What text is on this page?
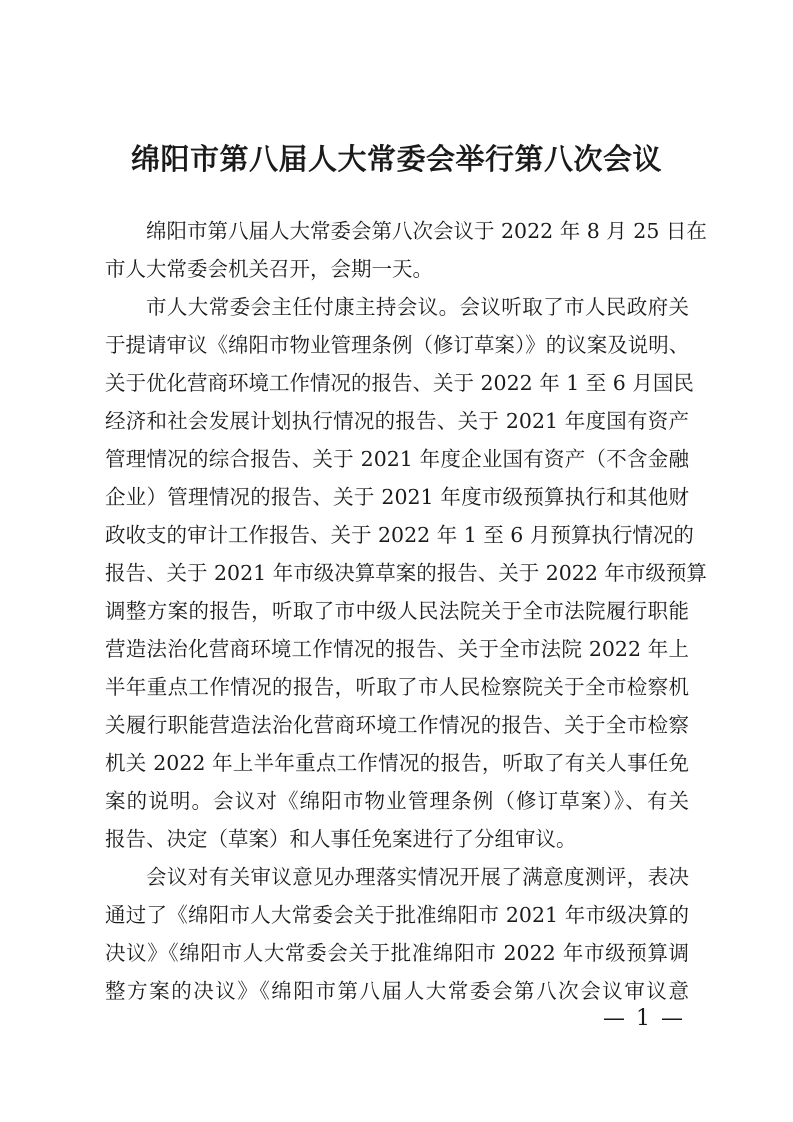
绵阳市第八届人大常委会举行第八次会议
绵阳市第八届人大常委会第八次会议于 2022 年 8 月 25 日在
市人大常委会机关召开，会期一天。
市人大常委会主任付康主持会议。会议听取了市人民政府关
于提请审议《绵阳市物业管理条例（修订草案）》的议案及说明、
关于优化营商环境工作情况的报告、关于 2022 年 1 至 6 月国民
经济和社会发展计划执行情况的报告、关于 2021 年度国有资产
管理情况的综合报告、关于 2021 年度企业国有资产（不含金融
企业）管理情况的报告、关于 2021 年度市级预算执行和其他财
政收支的审计工作报告、关于 2022 年 1 至 6 月预算执行情况的
报告、关于 2021 年市级决算草案的报告、关于 2022 年市级预算
调整方案的报告，听取了市中级人民法院关于全市法院履行职能
营造法治化营商环境工作情况的报告、关于全市法院 2022 年上
半年重点工作情况的报告，听取了市人民检察院关于全市检察机
关履行职能营造法治化营商环境工作情况的报告、关于全市检察
机关 2022 年上半年重点工作情况的报告，听取了有关人事任免
案的说明。会议对《绵阳市物业管理条例（修订草案）》、有关
报告、决定（草案）和人事任免案进行了分组审议。
会议对有关审议意见办理落实情况开展了满意度测评，表决
通过了《绵阳市人大常委会关于批准绵阳市 2021 年市级决算的
决议》《绵阳市人大常委会关于批准绵阳市 2022 年市级预算调
整方案的决议》《绵阳市第八届人大常委会第八次会议审议意
— 1 —
